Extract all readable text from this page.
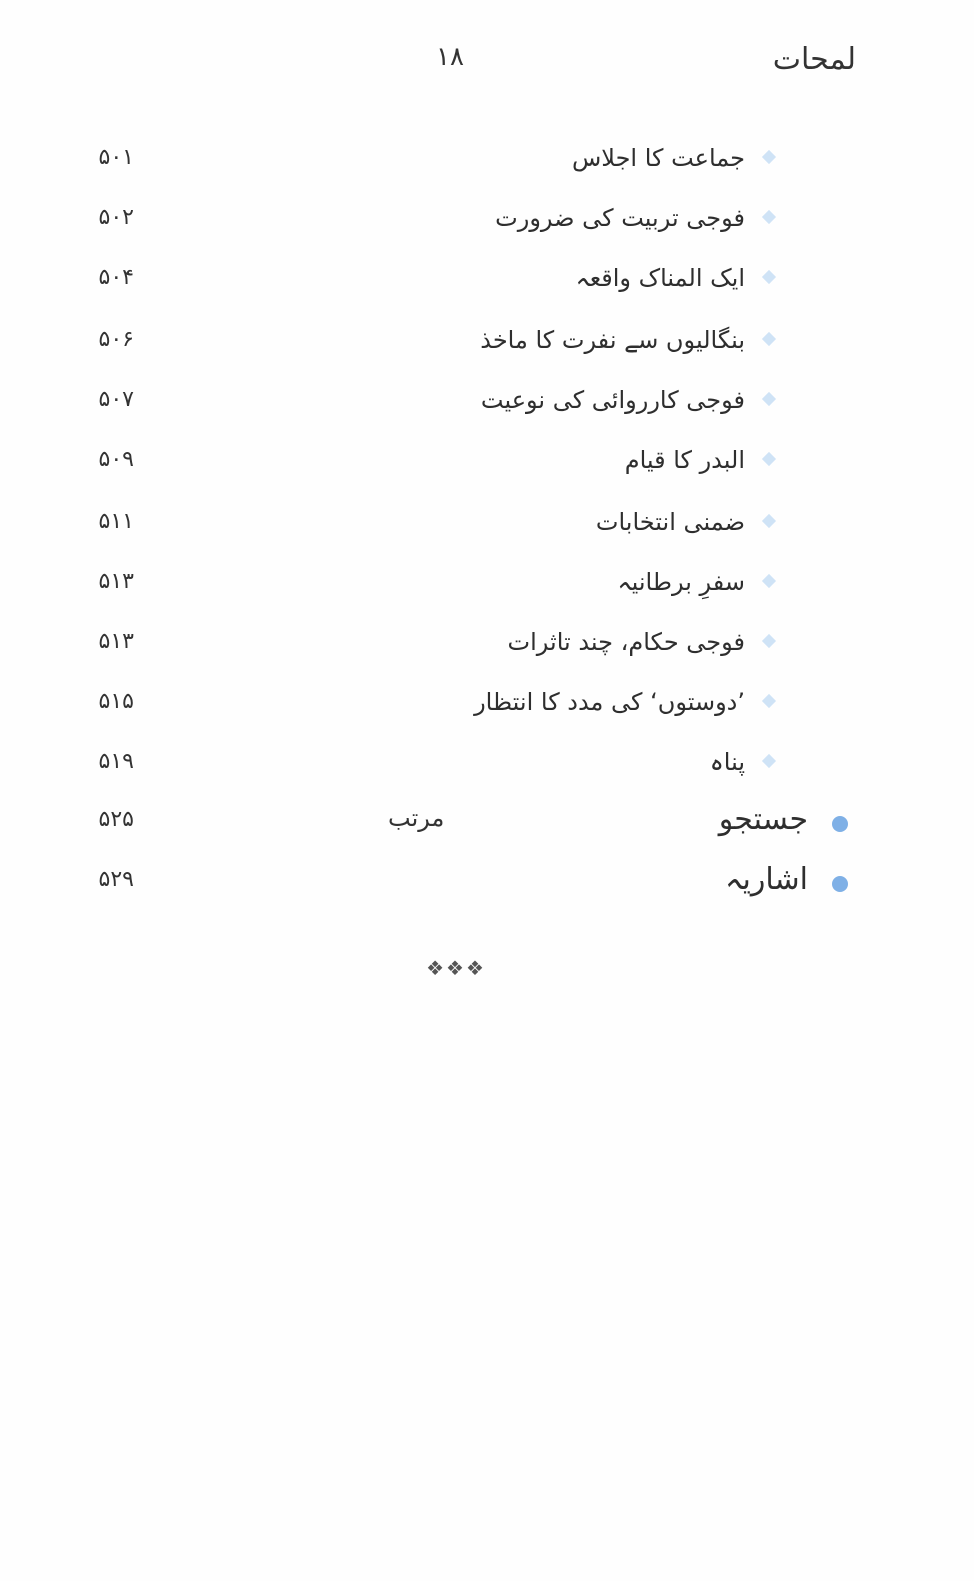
لمحات
۱۸
جماعت کا اجلاس
۵۰۱
فوجی تربیت کی ضرورت
۵۰۲
ایک المناک واقعہ
۵۰۴
بنگالیوں سے نفرت کا ماخذ
۵۰۶
فوجی کارروائی کی نوعیت
۵۰۷
البدر کا قیام
۵۰۹
ضمنی انتخابات
۵۱۱
سفرِ برطانیہ
۵۱۳
فوجی حکام، چند تاثرات
۵۱۳
’دوستوں‘ کی مدد کا انتظار
۵۱۵
پناہ
۵۱۹
جستجو
مرتب
۵۲۵
اشاریہ
۵۲۹
❖❖❖
